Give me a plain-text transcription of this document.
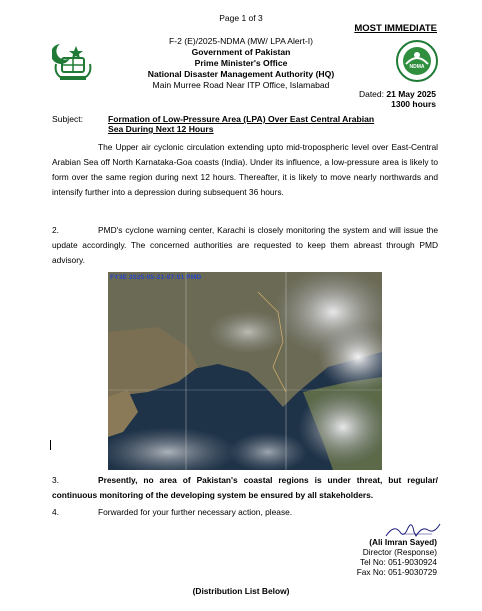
Page 1 of 3
MOST IMMEDIATE
NDMA
F-2 (E)/2025-NDMA (MW/ LPA Alert-I)
Government of Pakistan
Prime Minister's Office
National Disaster Management Authority (HQ)
Main Murree Road Near ITP Office, Islamabad
Dated: 21 May 2025
1300 hours
Subject:	Formation of Low-Pressure Area (LPA) Over East Central Arabian Sea During Next 12 Hours
The Upper air cyclonic circulation extending upto mid-tropospheric level over East-Central Arabian Sea off North Karnataka-Goa coasts (India). Under its influence, a low-pressure area is likely to form over the same region during next 12 hours. Thereafter, it is likely to move nearly northwards and intensify further into a depression during subsequent 36 hours.
2.	PMD's cyclone warning center, Karachi is closely monitoring the system and will issue the update accordingly. The concerned authorities are requested to keep them abreast through PMD advisory.
FY3E 2025-05-21-07:01 PMD
3.	Presently, no area of Pakistan's coastal regions is under threat, but regular/ continuous monitoring of the developing system be ensured by all stakeholders.
4.	Forwarded for your further necessary action, please.
(Ali Imran Sayed)
Director (Response)
Tel No: 051-9030924
Fax No: 051-9030729
(Distribution List Below)
